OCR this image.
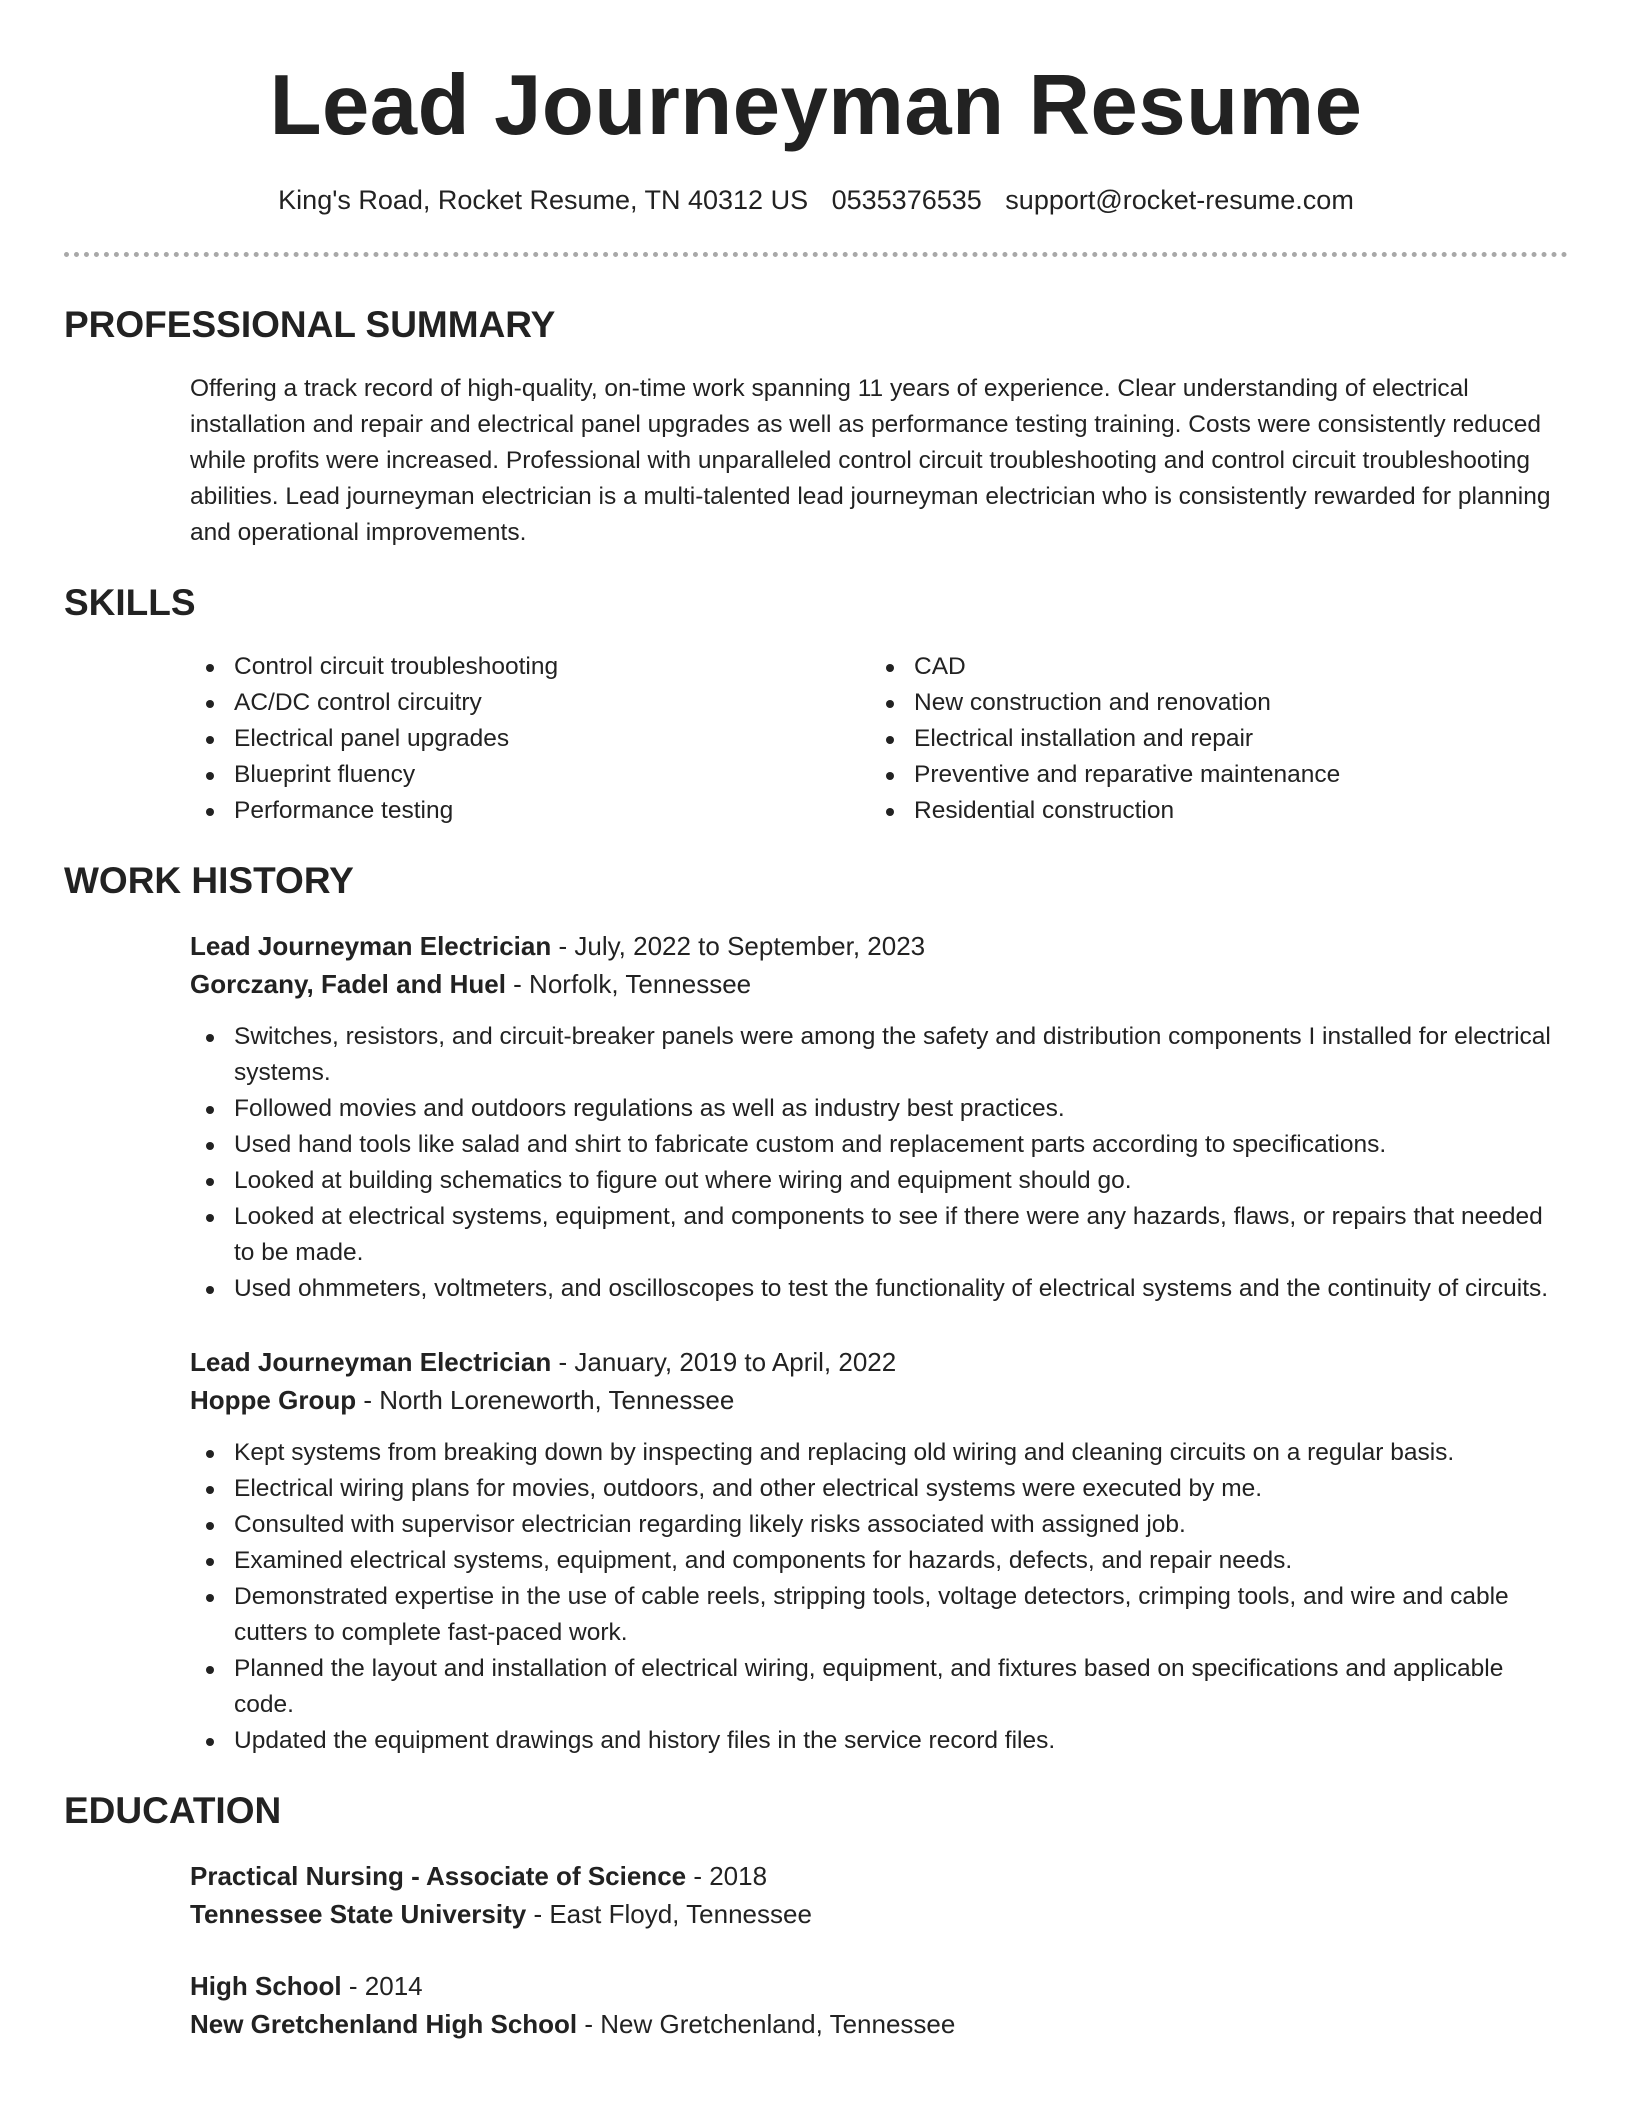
Lead Journeyman Resume
King's Road, Rocket Resume, TN 40312 US 0535376535 support@rocket-resume.com
PROFESSIONAL SUMMARY

Offering a track record of high-quality, on-time work spanning 11 years of experience. Clear understanding of electrical installation and repair and electrical panel upgrades as well as performance testing training. Costs were consistently reduced while profits were increased. Professional with unparalleled control circuit troubleshooting and control circuit troubleshooting abilities. Lead journeyman electrician is a multi-talented lead journeyman electrician who is consistently rewarded for planning and operational improvements.

SKILLS
Control circuit troubleshooting
AC/DC control circuitry
Electrical panel upgrades
Blueprint fluency
Performance testing
CAD
New construction and renovation
Electrical installation and repair
Preventive and reparative maintenance
Residential construction
WORK HISTORY
Lead Journeyman Electrician - July, 2022 to September, 2023
Gorczany, Fadel and Huel - Norfolk, Tennessee
Switches, resistors, and circuit-breaker panels were among the safety and distribution components I installed for electrical systems.
Followed movies and outdoors regulations as well as industry best practices.
Used hand tools like salad and shirt to fabricate custom and replacement parts according to specifications.
Looked at building schematics to figure out where wiring and equipment should go.
Looked at electrical systems, equipment, and components to see if there were any hazards, flaws, or repairs that needed to be made.
Used ohmmeters, voltmeters, and oscilloscopes to test the functionality of electrical systems and the continuity of circuits.
Lead Journeyman Electrician - January, 2019 to April, 2022
Hoppe Group - North Loreneworth, Tennessee
Kept systems from breaking down by inspecting and replacing old wiring and cleaning circuits on a regular basis.
Electrical wiring plans for movies, outdoors, and other electrical systems were executed by me.
Consulted with supervisor electrician regarding likely risks associated with assigned job.
Examined electrical systems, equipment, and components for hazards, defects, and repair needs.
Demonstrated expertise in the use of cable reels, stripping tools, voltage detectors, crimping tools, and wire and cable cutters to complete fast-paced work.
Planned the layout and installation of electrical wiring, equipment, and fixtures based on specifications and applicable code.
Updated the equipment drawings and history files in the service record files.
EDUCATION
Practical Nursing - Associate of Science - 2018
Tennessee State University - East Floyd, Tennessee
High School - 2014
New Gretchenland High School - New Gretchenland, Tennessee
